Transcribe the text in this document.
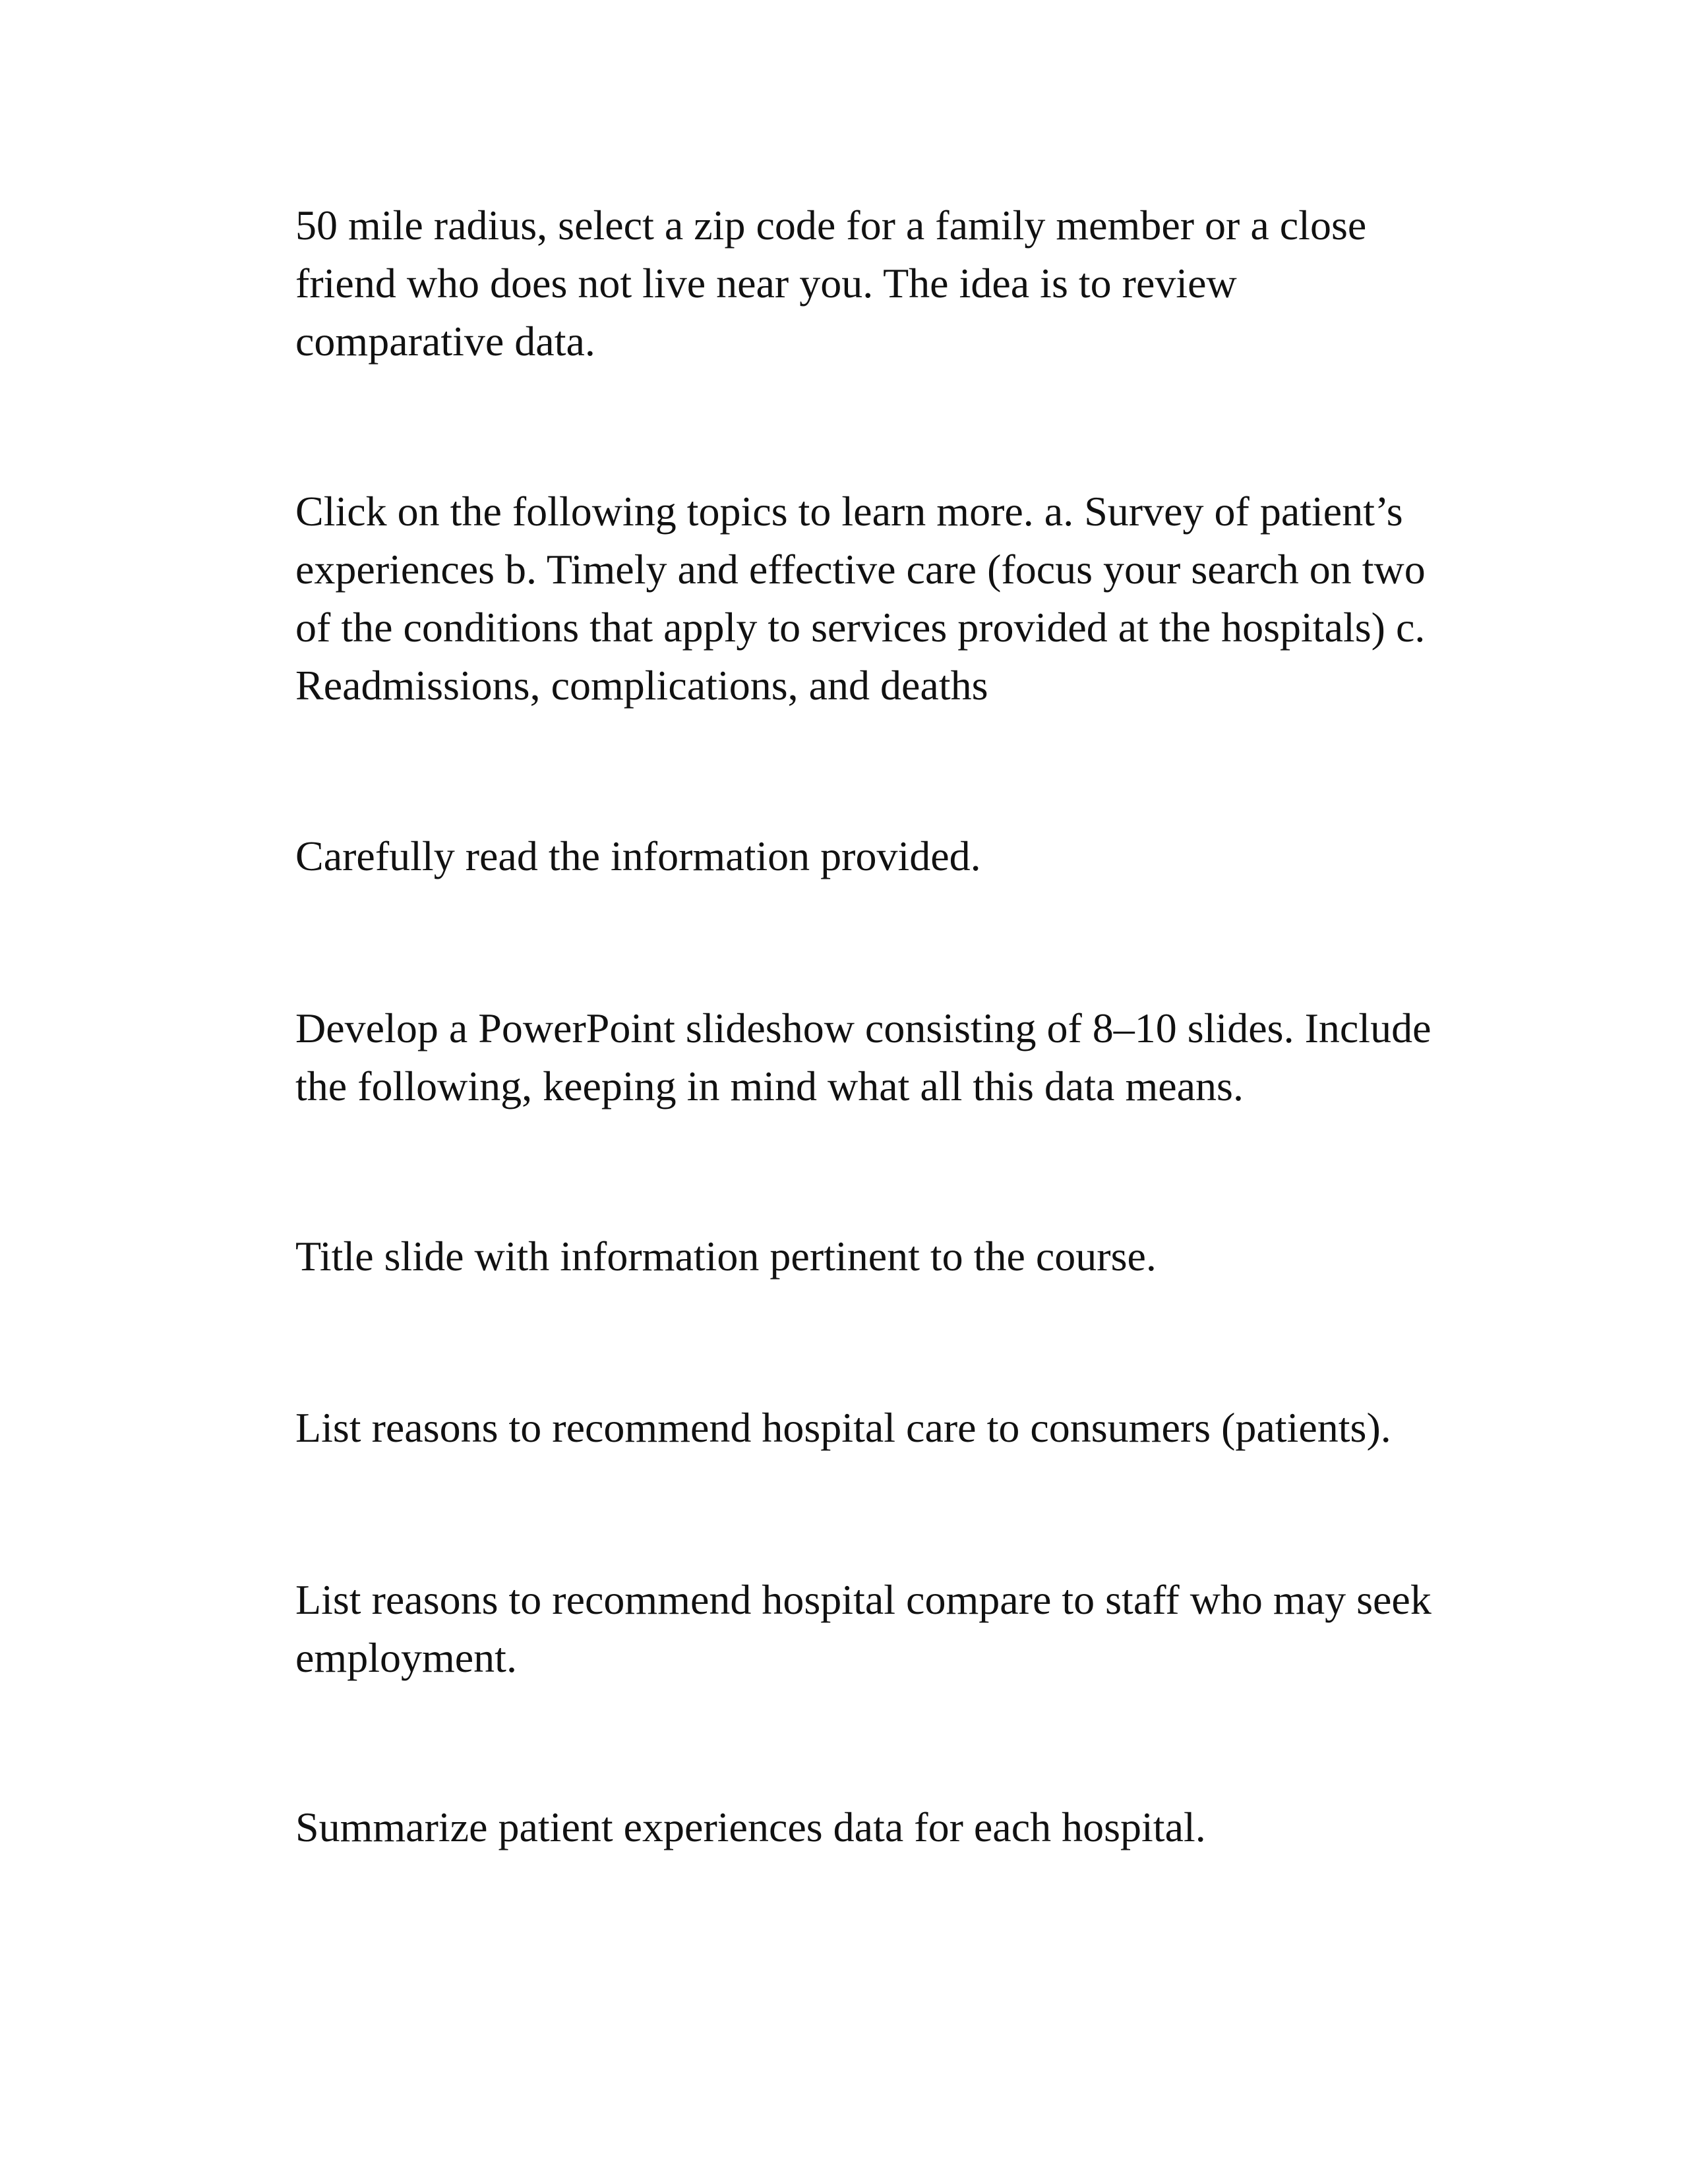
50 mile radius, select a zip code for a family member or a close
friend who does not live near you. The idea is to review
comparative data.

Click on the following topics to learn more. a. Survey of patient’s
experiences b. Timely and effective care (focus your search on two
of the conditions that apply to services provided at the hospitals) c.
Readmissions, complications, and deaths

Carefully read the information provided.

Develop a PowerPoint slideshow consisting of 8–10 slides. Include
the following, keeping in mind what all this data means.

Title slide with information pertinent to the course.

List reasons to recommend hospital care to consumers (patients).

List reasons to recommend hospital compare to staff who may seek
employment.

Summarize patient experiences data for each hospital.
